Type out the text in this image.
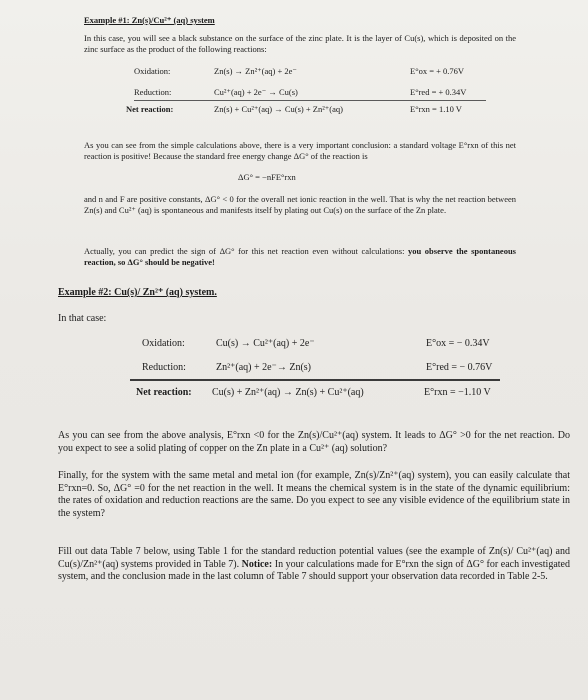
Example #1: Zn(s)/Cu²⁺ (aq) system
In this case, you will see a black substance on the surface of the zinc plate. It is the layer of Cu(s), which is deposited on the zinc surface as the product of the following reactions:
Oxidation:	Zn(s) → Zn²⁺(aq) + 2e⁻	E°ox = + 0.76V
Reduction:	Cu²⁺(aq) + 2e⁻ → Cu(s)	E°red = + 0.34V
Net reaction:	Zn(s) + Cu²⁺(aq) → Cu(s) + Zn²⁺(aq)	E°rxn = 1.10 V
As you can see from the simple calculations above, there is a very important conclusion: a standard voltage E°rxn of this net reaction is positive! Because the standard free energy change ΔG° of the reaction is
ΔG° = −nFE°rxn
and n and F are positive constants, ΔG° < 0 for the overall net ionic reaction in the well. That is why the net reaction between Zn(s) and Cu²⁺ (aq) is spontaneous and manifests itself by plating out Cu(s) on the surface of the Zn plate.
Actually, you can predict the sign of ΔG° for this net reaction even without calculations: you observe the spontaneous reaction, so ΔG° should be negative!
Example #2: Cu(s)/ Zn²⁺ (aq) system.
In that case:
Oxidation:	Cu(s) → Cu²⁺(aq) + 2e⁻	E°ox = − 0.34V
Reduction:	Zn²⁺(aq) + 2e⁻→ Zn(s)	E°red = − 0.76V
Net reaction: Cu(s) + Zn²⁺(aq) → Zn(s) + Cu²⁺(aq)	E°rxn = −1.10 V
As you can see from the above analysis, E°rxn <0 for the Zn(s)/Cu²⁺(aq) system. It leads to ΔG° >0 for the net reaction. Do you expect to see a solid plating of copper on the Zn plate in a Cu²⁺ (aq) solution?
Finally, for the system with the same metal and metal ion (for example, Zn(s)/Zn²⁺(aq) system), you can easily calculate that E°rxn=0. So, ΔG° =0 for the net reaction in the well. It means the chemical system is in the state of the dynamic equilibrium: the rates of oxidation and reduction reactions are the same. Do you expect to see any visible evidence of the equilibrium state in the system?
Fill out data Table 7 below, using Table 1 for the standard reduction potential values (see the example of Zn(s)/ Cu²⁺(aq) and Cu(s)/Zn²⁺(aq) systems provided in Table 7). Notice: In your calculations made for E°rxn the sign of ΔG° for each investigated system, and the conclusion made in the last column of Table 7 should support your observation data recorded in Table 2-5.
